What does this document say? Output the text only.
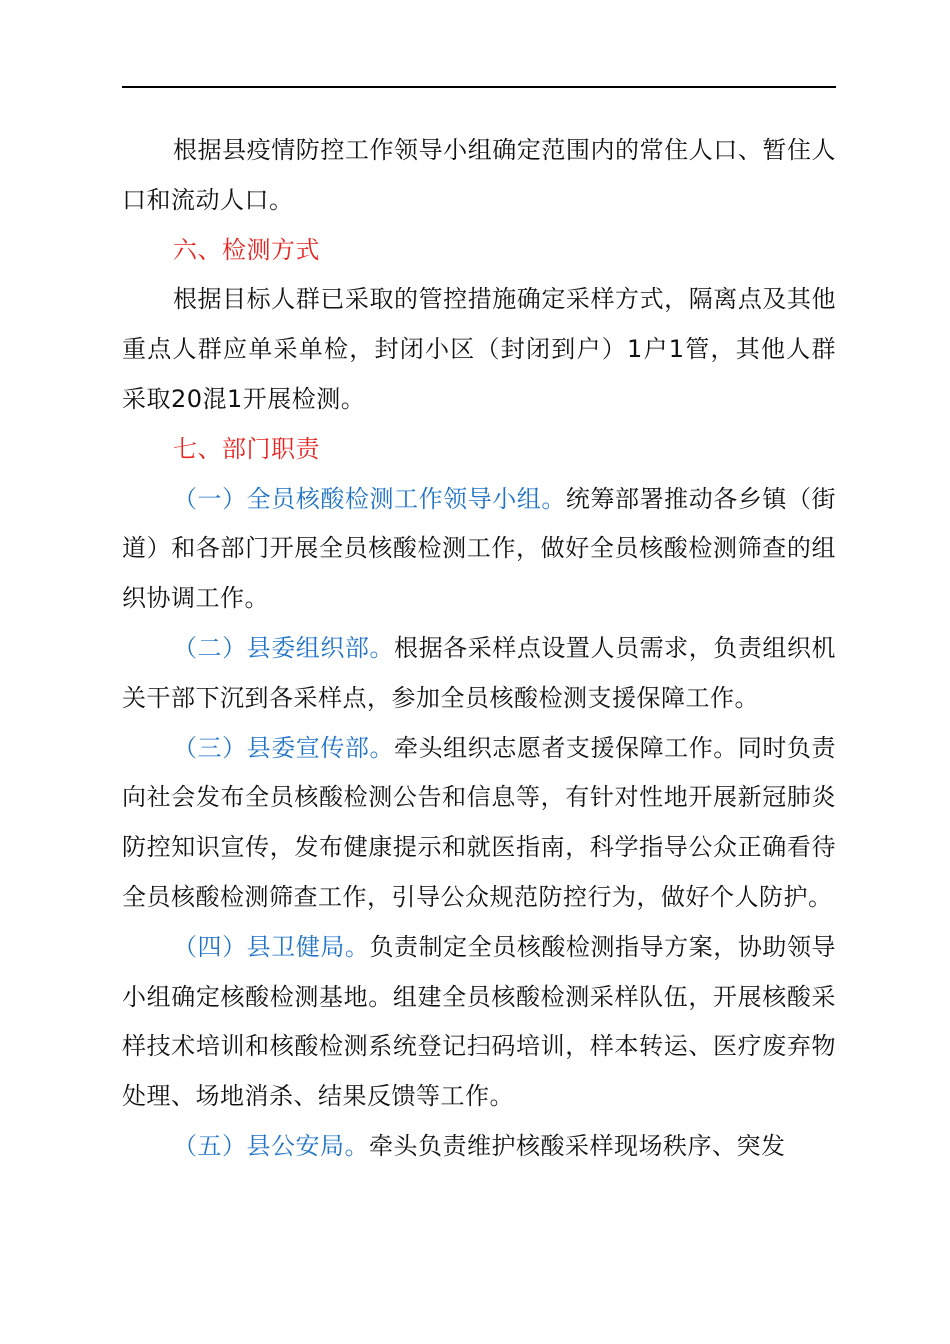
根据县疫情防控工作领导小组确定范围内的常住人口、暂住人口和流动人口。

六、检测方式

根据目标人群已采取的管控措施确定采样方式，隔离点及其他重点人群应单采单检，封闭小区（封闭到户）1户1管，其他人群采取20混1开展检测。

七、部门职责

（一）全员核酸检测工作领导小组。统筹部署推动各乡镇（街道）和各部门开展全员核酸检测工作，做好全员核酸检测筛查的组织协调工作。

（二）县委组织部。根据各采样点设置人员需求，负责组织机关干部下沉到各采样点，参加全员核酸检测支援保障工作。

（三）县委宣传部。牵头组织志愿者支援保障工作。同时负责向社会发布全员核酸检测公告和信息等，有针对性地开展新冠肺炎防控知识宣传，发布健康提示和就医指南，科学指导公众正确看待全员核酸检测筛查工作，引导公众规范防控行为，做好个人防护。

（四）县卫健局。负责制定全员核酸检测指导方案，协助领导小组确定核酸检测基地。组建全员核酸检测采样队伍，开展核酸采样技术培训和核酸检测系统登记扫码培训，样本转运、医疗废弃物处理、场地消杀、结果反馈等工作。

（五）县公安局。牵头负责维护核酸采样现场秩序、突发
